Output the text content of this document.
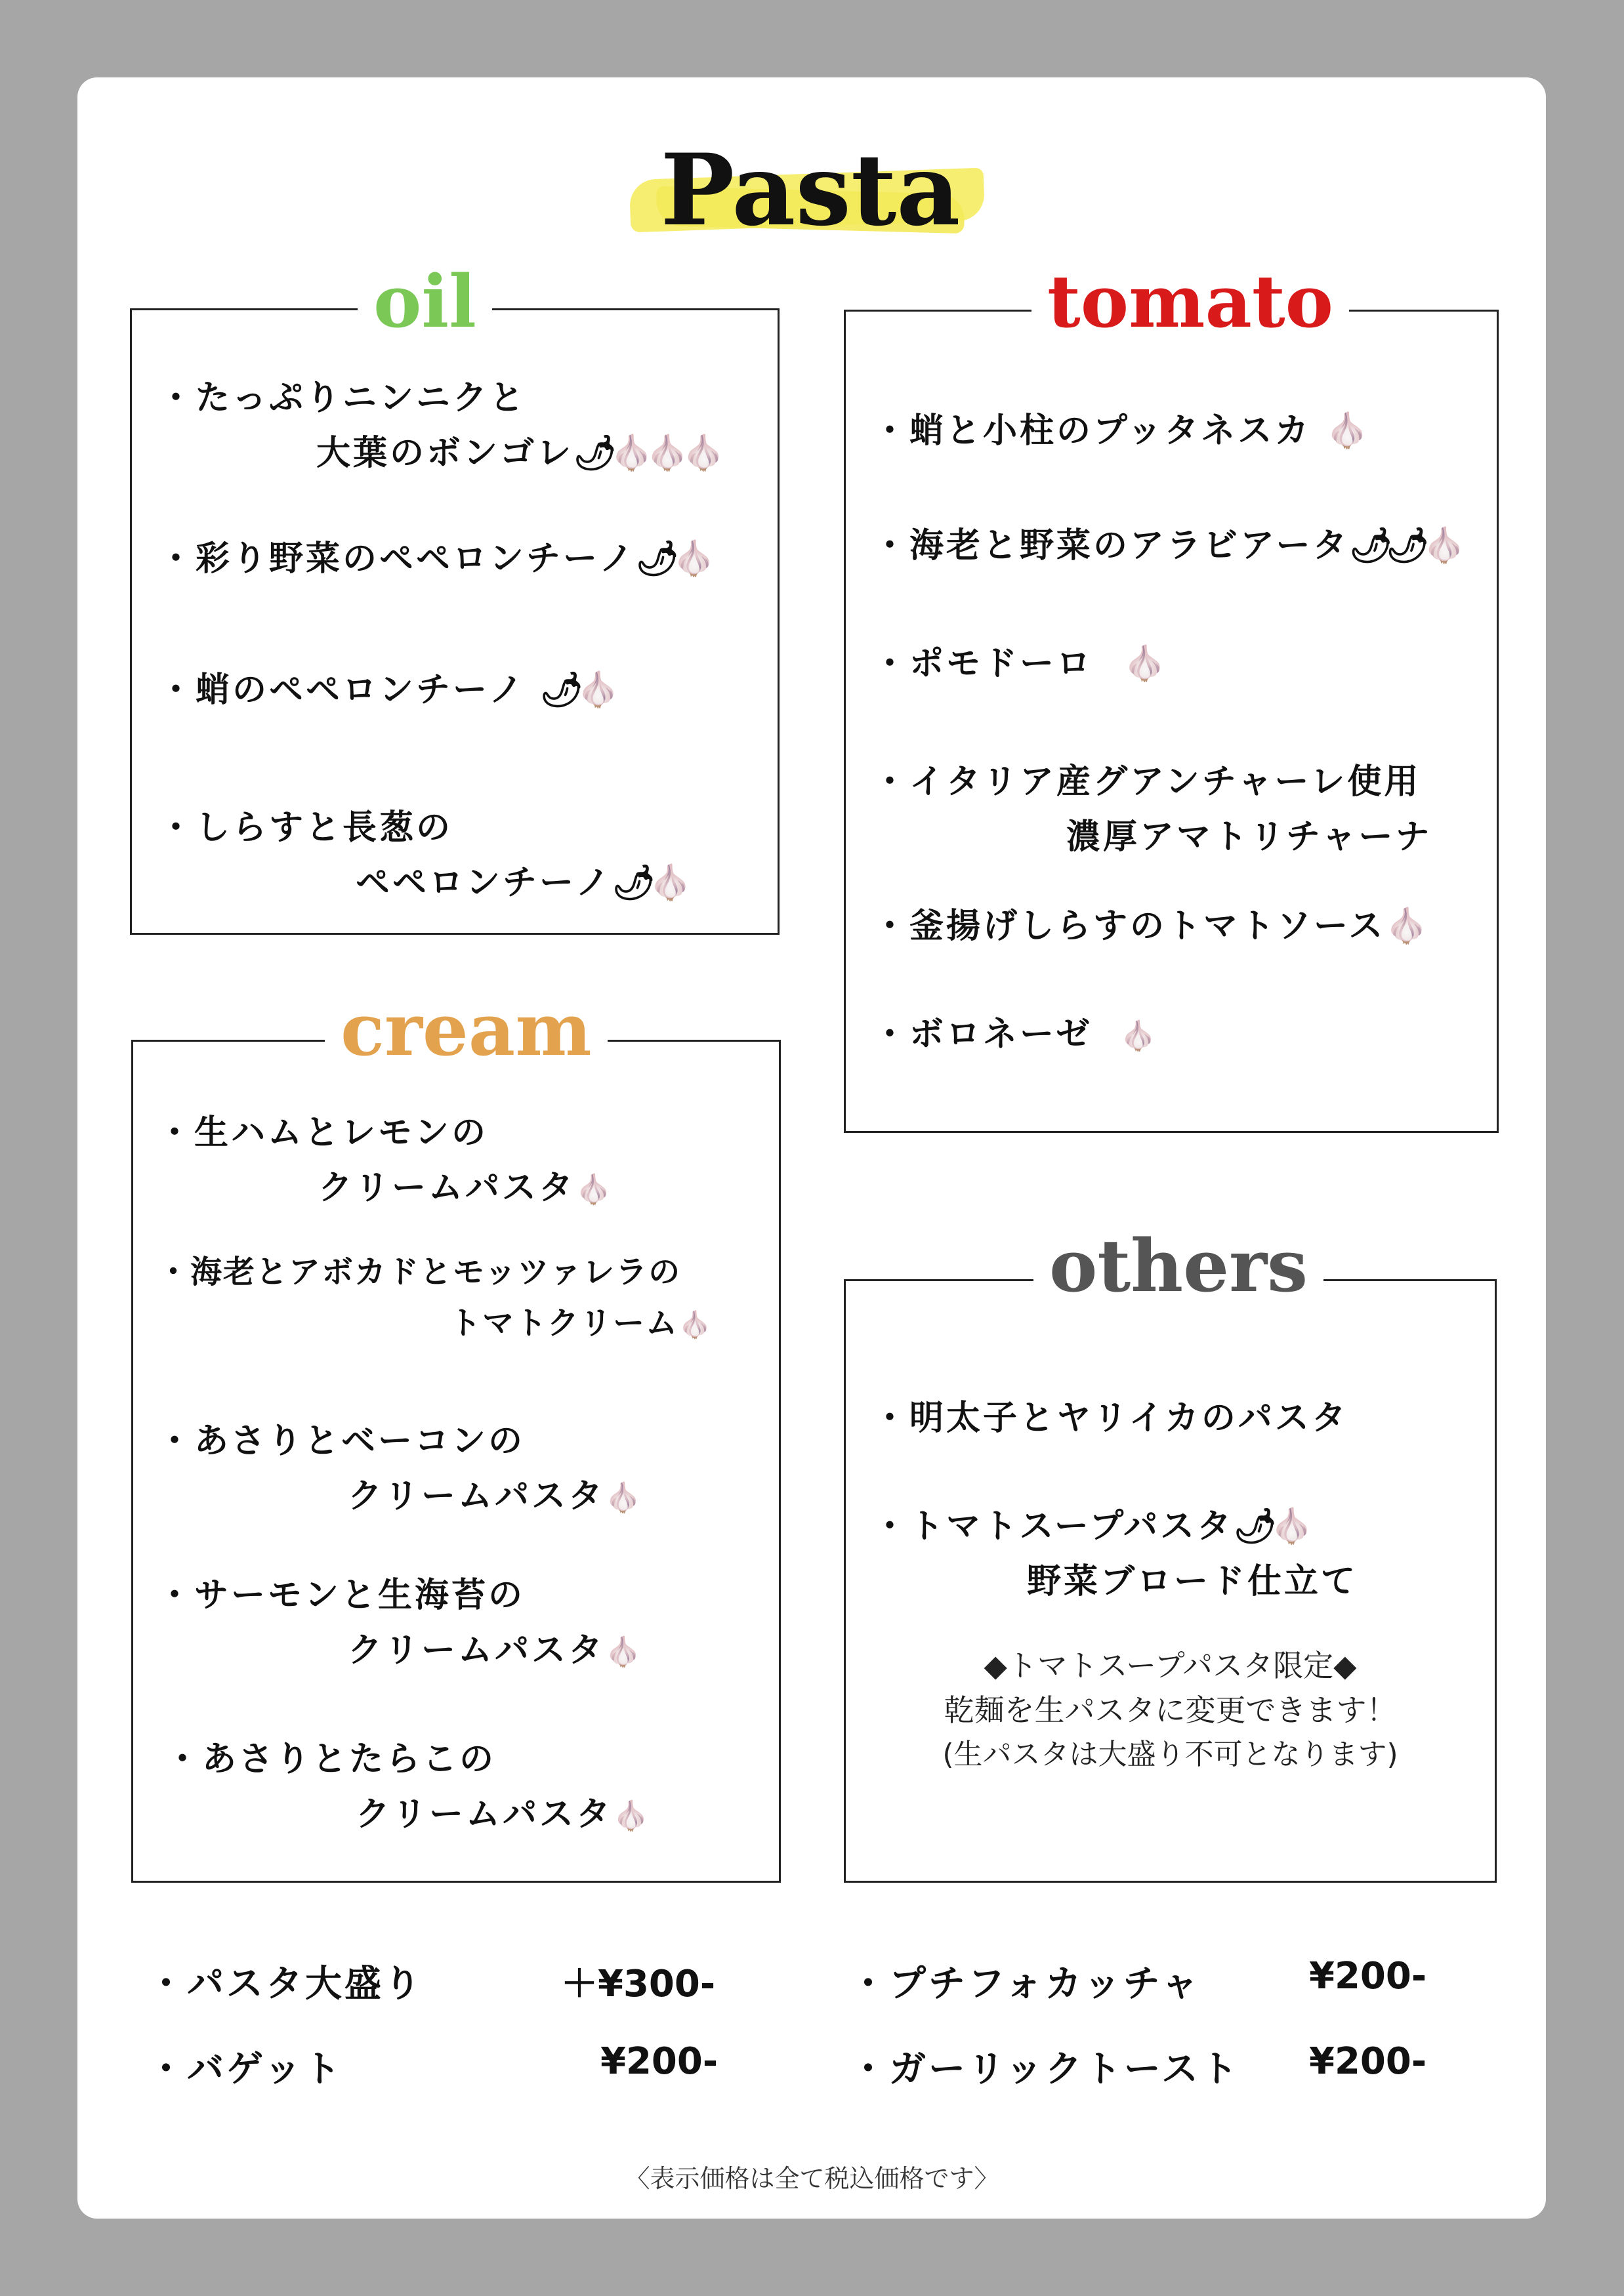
Pasta
oil
・たっぷりニンニクと
大葉のボンゴレ🌶🧄🧄🧄
・彩り野菜のペペロンチーノ🌶🧄
・蛸のペペロンチーノ 🌶🧄
・しらすと長葱の
ペペロンチーノ🌶🧄
tomato
・蛸と小柱のプッタネスカ 🧄
・海老と野菜のアラビアータ🌶🌶🧄
・ポモドーロ 🧄
・イタリア産グアンチャーレ使用
濃厚アマトリチャーナ
・釜揚げしらすのトマトソース🧄
・ボロネーゼ 🧄
cream
・生ハムとレモンの
クリームパスタ🧄
・海老とアボカドとモッツァレラの
トマトクリーム🧄
・あさりとベーコンの
クリームパスタ🧄
・サーモンと生海苔の
クリームパスタ🧄
・あさりとたらこの
クリームパスタ🧄
others
・明太子とヤリイカのパスタ
・トマトスープパスタ🌶🧄
野菜ブロード仕立て
◆トマトスープパスタ限定◆
乾麺を生パスタに変更できます！
(生パスタは大盛り不可となります)
・パスタ大盛り	＋¥300-
・バゲット	¥200-
・プチフォカッチャ	¥200-
・ガーリックトースト ¥200-
〈表示価格は全て税込価格です〉
